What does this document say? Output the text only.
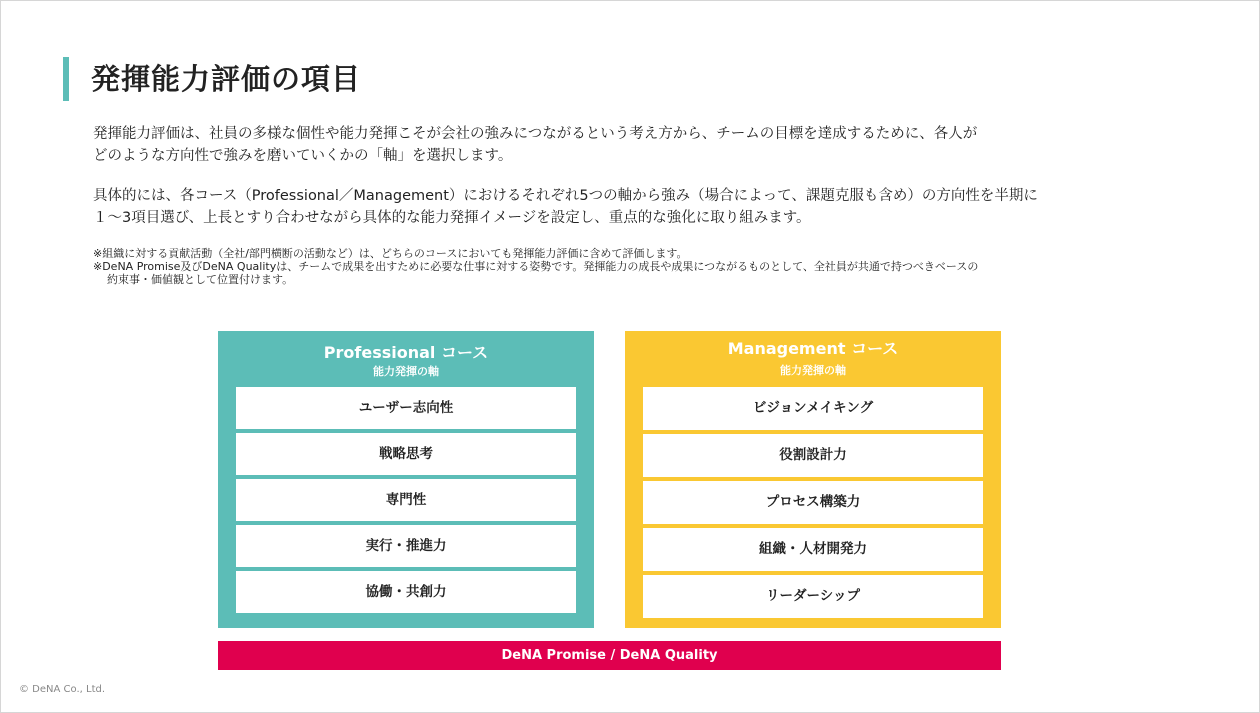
発揮能力評価の項目
発揮能力評価は、社員の多様な個性や能力発揮こそが会社の強みにつながるという考え方から、チームの目標を達成するために、各人が
どのような方向性で強みを磨いていくかの「軸」を選択します。
具体的には、各コース（Professional／Management）におけるそれぞれ5つの軸から強み（場合によって、課題克服も含め）の方向性を半期に
１〜3項目選び、上長とすり合わせながら具体的な能力発揮イメージを設定し、重点的な強化に取り組みます。
※組織に対する貢献活動（全社/部門横断の活動など）は、どちらのコースにおいても発揮能力評価に含めて評価します。
※DeNA Promise及びDeNA Qualityは、チームで成果を出すために必要な仕事に対する姿勢です。発揮能力の成長や成果につながるものとして、全社員が共通で持つべきベースの
約束事・価値観として位置付けます。
Professional コース
能力発揮の軸
ユーザー志向性
戦略思考
専門性
実行・推進力
協働・共創力
Management コース
能力発揮の軸
ビジョンメイキング
役割設計力
プロセス構築力
組織・人材開発力
リーダーシップ
DeNA Promise / DeNA Quality
© DeNA Co., Ltd.
